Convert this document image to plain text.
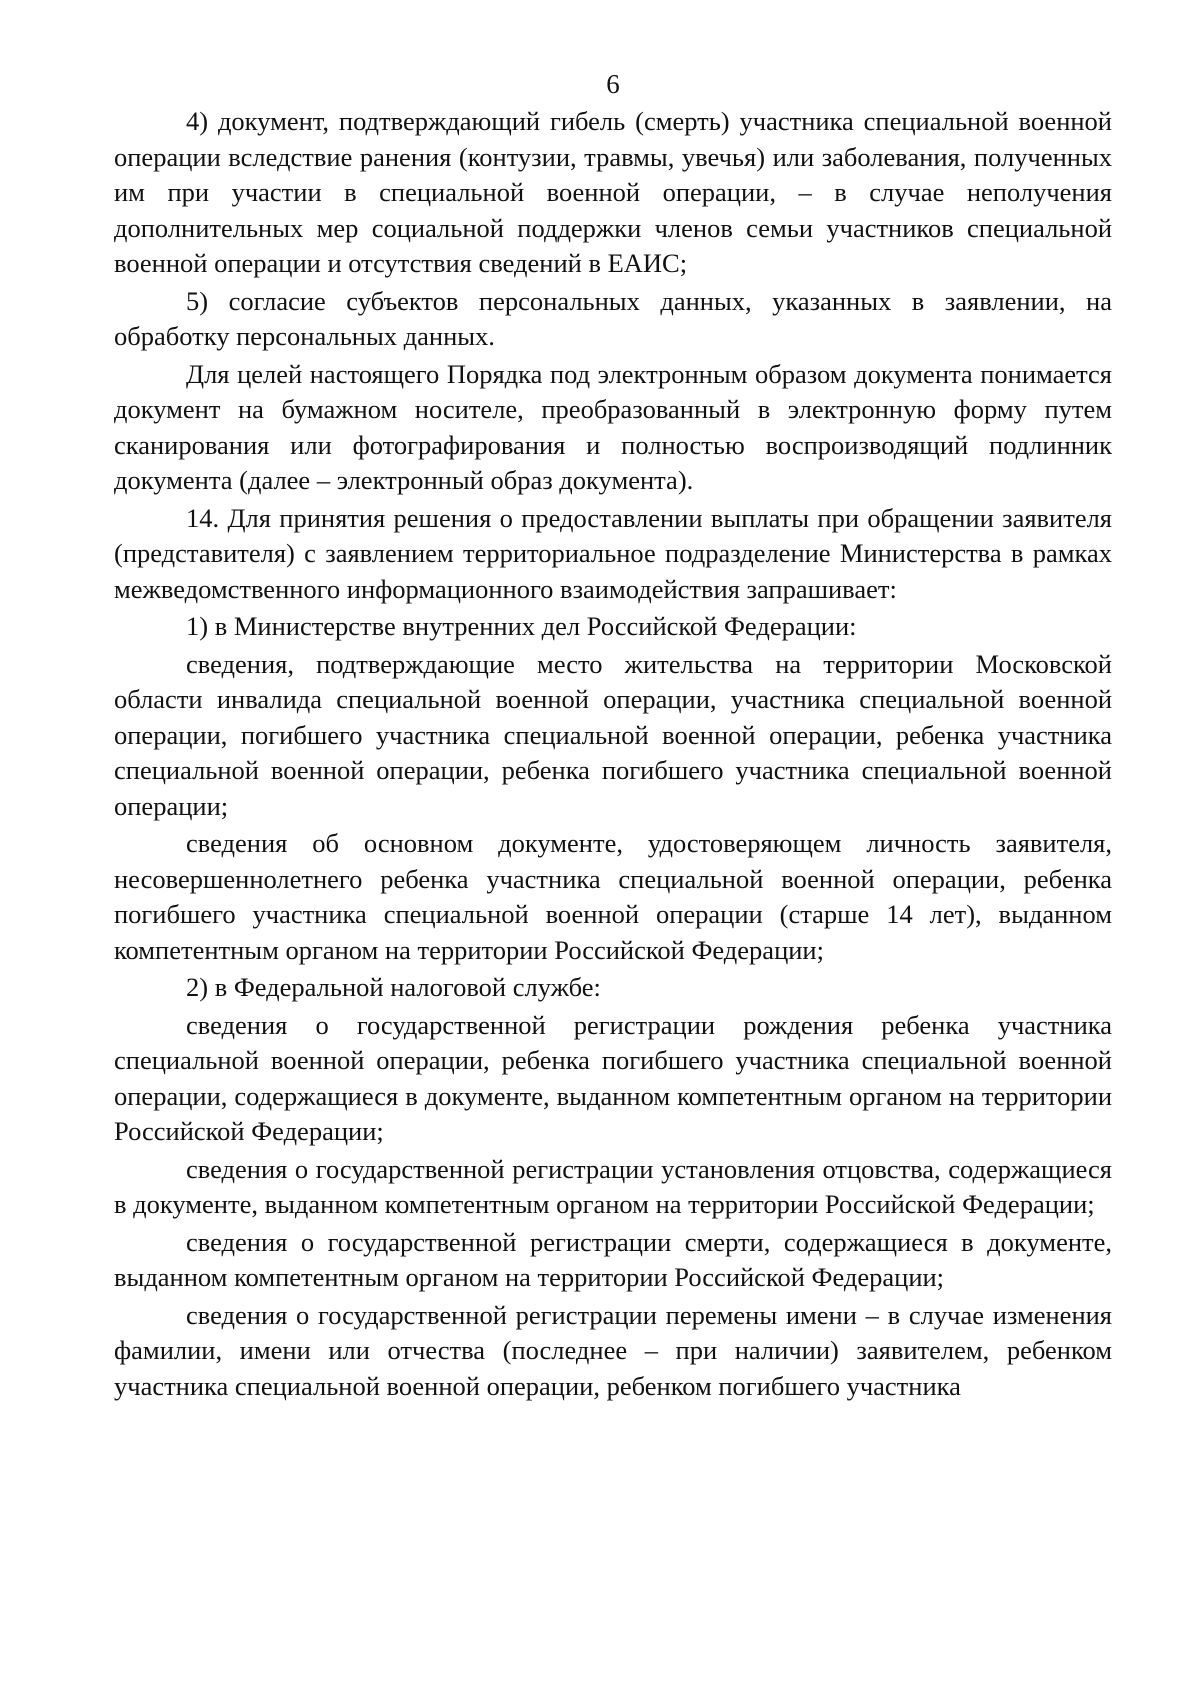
6

4) документ, подтверждающий гибель (смерть) участника специальной военной операции вследствие ранения (контузии, травмы, увечья) или заболевания, полученных им при участии в специальной военной операции, – в случае неполучения дополнительных мер социальной поддержки членов семьи участников специальной военной операции и отсутствия сведений в ЕАИС;

5) согласие субъектов персональных данных, указанных в заявлении, на обработку персональных данных.

Для целей настоящего Порядка под электронным образом документа понимается документ на бумажном носителе, преобразованный в электронную форму путем сканирования или фотографирования и полностью воспроизводящий подлинник документа (далее – электронный образ документа).

14. Для принятия решения о предоставлении выплаты при обращении заявителя (представителя) с заявлением территориальное подразделение Министерства в рамках межведомственного информационного взаимодействия запрашивает:

1) в Министерстве внутренних дел Российской Федерации:

сведения, подтверждающие место жительства на территории Московской области инвалида специальной военной операции, участника специальной военной операции, погибшего участника специальной военной операции, ребенка участника специальной военной операции, ребенка погибшего участника специальной военной операции;

сведения об основном документе, удостоверяющем личность заявителя, несовершеннолетнего ребенка участника специальной военной операции, ребенка погибшего участника специальной военной операции (старше 14 лет), выданном компетентным органом на территории Российской Федерации;

2) в Федеральной налоговой службе:

сведения о государственной регистрации рождения ребенка участника специальной военной операции, ребенка погибшего участника специальной военной операции, содержащиеся в документе, выданном компетентным органом на территории Российской Федерации;

сведения о государственной регистрации установления отцовства, содержащиеся в документе, выданном компетентным органом на территории Российской Федерации;

сведения о государственной регистрации смерти, содержащиеся в документе, выданном компетентным органом на территории Российской Федерации;

сведения о государственной регистрации перемены имени – в случае изменения фамилии, имени или отчества (последнее – при наличии) заявителем, ребенком участника специальной военной операции, ребенком погибшего участника
